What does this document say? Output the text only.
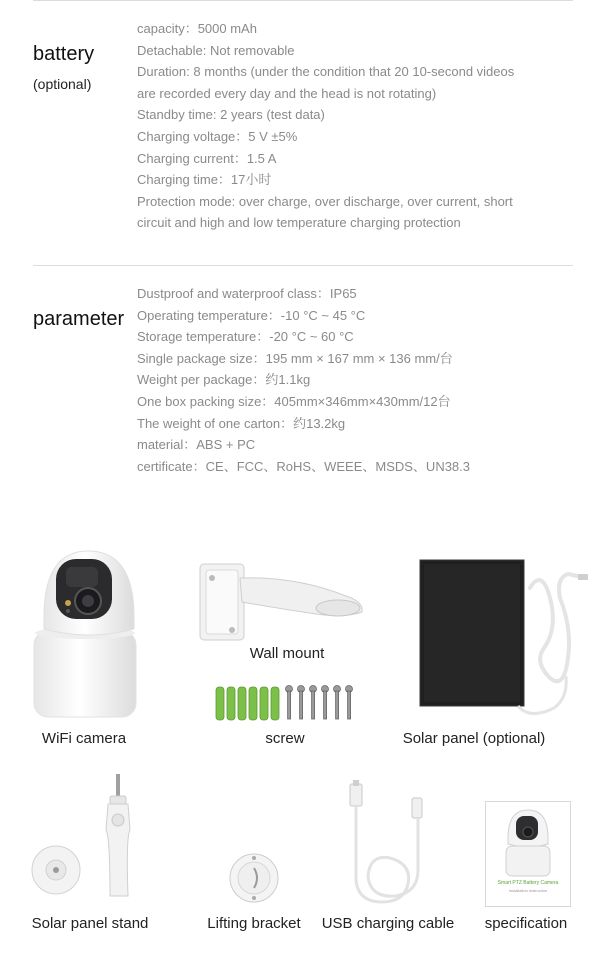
battery
(optional)
capacity：5000 mAh
Detachable: Not removable
Duration: 8 months (under the condition that 20 10-second videos
are recorded every day and the head is not rotating)
Standby time: 2 years (test data)
Charging voltage：5 V ±5%
Charging current：1.5 A
Charging time：17小时
Protection mode: over charge, over discharge, over current, short
circuit and high and low temperature charging protection
parameter
Dustproof and waterproof class：IP65
Operating temperature：-10 °C ~ 45 °C
Storage temperature：-20 °C ~ 60 °C
Single package size：195 mm × 167 mm × 136 mm/台
Weight per package：约1.1kg
One box packing size：405mm×346mm×430mm/12台
The weight of one carton：约13.2kg
material：ABS + PC
certificate：CE、FCC、RoHS、WEEE、MSDS、UN38.3
WiFi camera
Wall mount
screw	Solar panel (optional)
Solar panel stand	Lifting bracket USB charging cable
Smart PTZ Battery Camera
Installation instruction
specification
